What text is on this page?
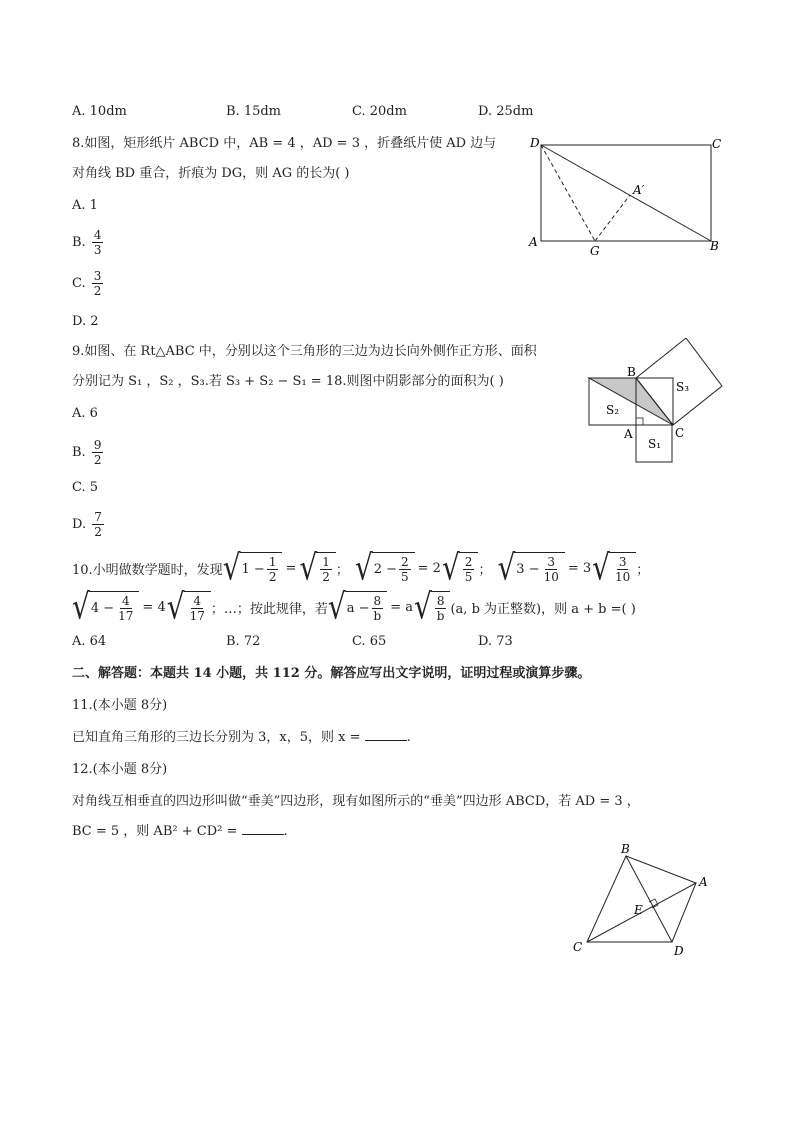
A. 10dm	B. 15dm	C. 20dm	D. 25dm
8.如图，矩形纸片 ABCD 中，AB = 4 ，AD = 3 ，折叠纸片使 AD 边与
对角线 BD 重合，折痕为 DG，则 AG 的长为( )
A. 1
B. $\frac{4}{3}$
C. $\frac{3}{2}$
D. 2
D	C
A	B
G
A′
9.如图、在 Rt△ABC 中，分别以这个三角形的三边为边长向外侧作正方形、面积
分别记为 S₁ ，S₂ ，S₃.若 S₃ + S₂ − S₁ = 18.则图中阴影部分的面积为( )
A. 6
B. $\frac{9}{2}$
C. 5
D. $\frac{7}{2}$
B
A	C
S₂
S₁
S₃
10.小明做数学题时，发现 √ $1 - \frac{1}{2}$ = √ $\frac{1}{2}$ ； √ $2 - \frac{2}{5} = 2$ √ $\frac{2}{5}$ ； √ $3 - \frac{3}{10} = 3$ √ $\frac{3}{10}$ ；
√ $4 - \frac{4}{17} = 4$ √ $\frac{4}{17}$ ；…；按此规律，若 √ $a - \frac{8}{b} = a$ √ $\frac{8}{b} (a$, b 为正整数)，则 a + b =( )
A. 64	B. 72	C. 65	D. 73
二、解答题：本题共 14 小题，共 112 分。解答应写出文字说明，证明过程或演算步骤。
11.(本小题 8分)
已知直角三角形的三边长分别为 3，x，5，则 x =	.
12.(本小题 8分)
对角线互相垂直的四边形叫做“垂美”四边形，现有如图所示的“垂美”四边形 ABCD，若 AD = 3 ，
BC = 5 ，则 AB² + CD² =	.
B
A
D
C
E
